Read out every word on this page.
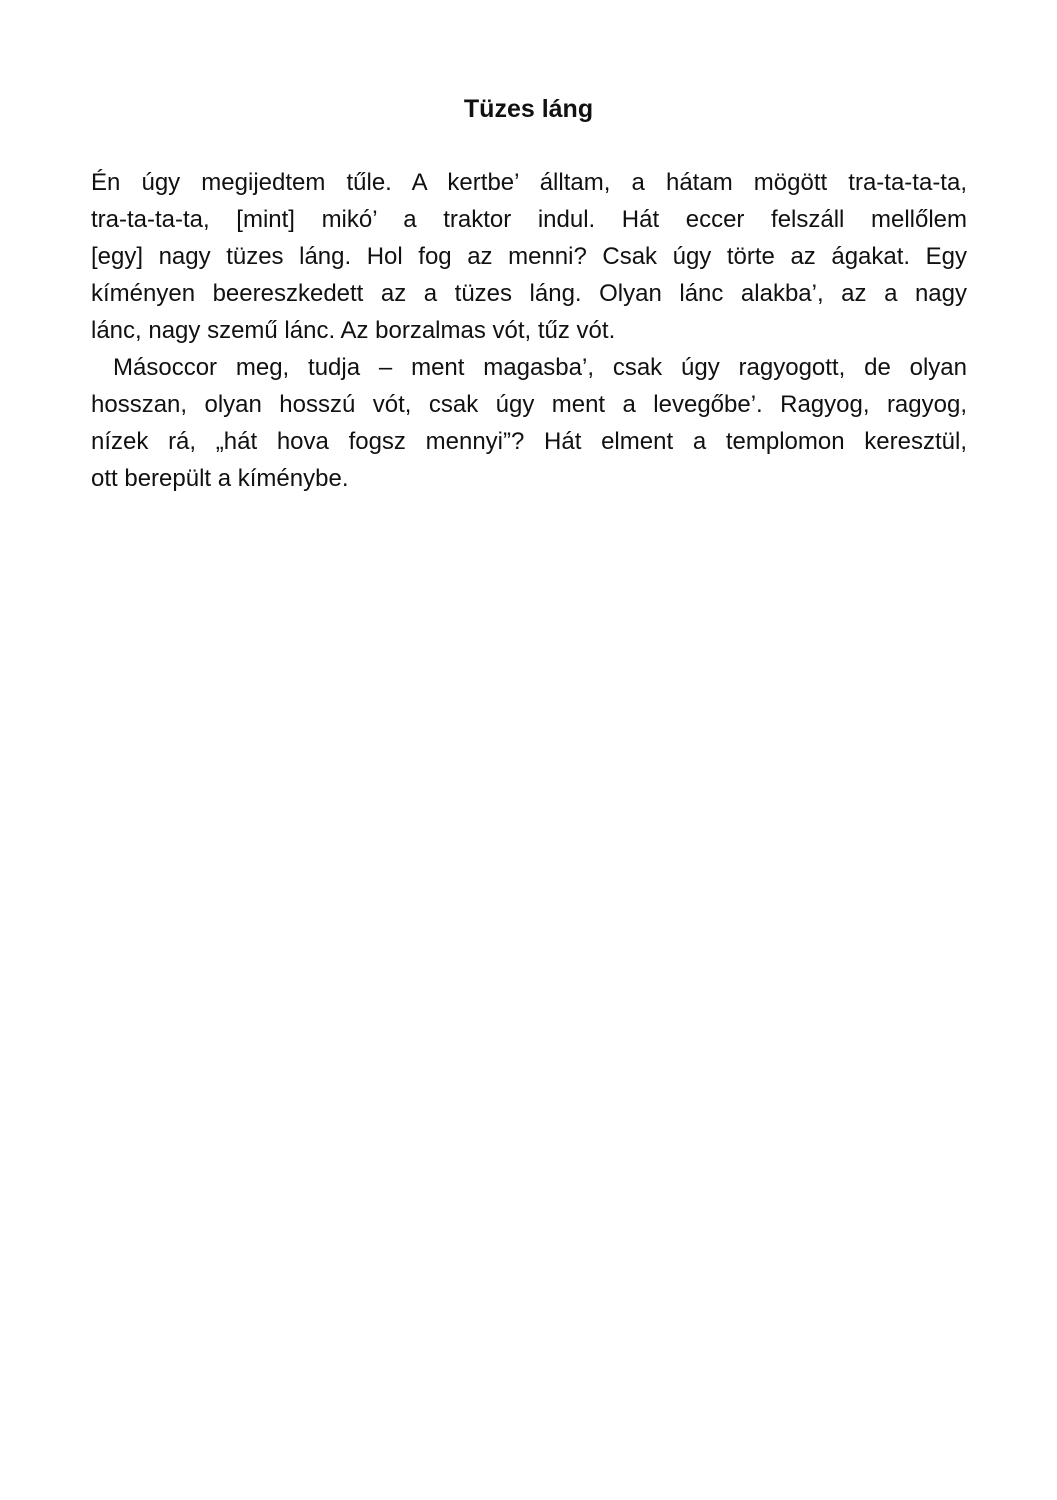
Tüzes láng
Én úgy megijedtem tűle. A kertbe’ álltam, a hátam mögött tra-ta-ta-ta,
tra-ta-ta-ta, [mint] mikó’ a traktor indul. Hát eccer felszáll mellőlem
[egy] nagy tüzes láng. Hol fog az menni? Csak úgy törte az ágakat. Egy
kíményen beereszkedett az a tüzes láng. Olyan lánc alakba’, az a nagy
lánc, nagy szemű lánc. Az borzalmas vót, tűz vót.
Másoccor meg, tudja – ment magasba’, csak úgy ragyogott, de olyan
hosszan, olyan hosszú vót, csak úgy ment a levegőbe’. Ragyog, ragyog,
nízek rá, „hát hova fogsz mennyi”? Hát elment a templomon keresztül,
ott berepült a kíménybe.
